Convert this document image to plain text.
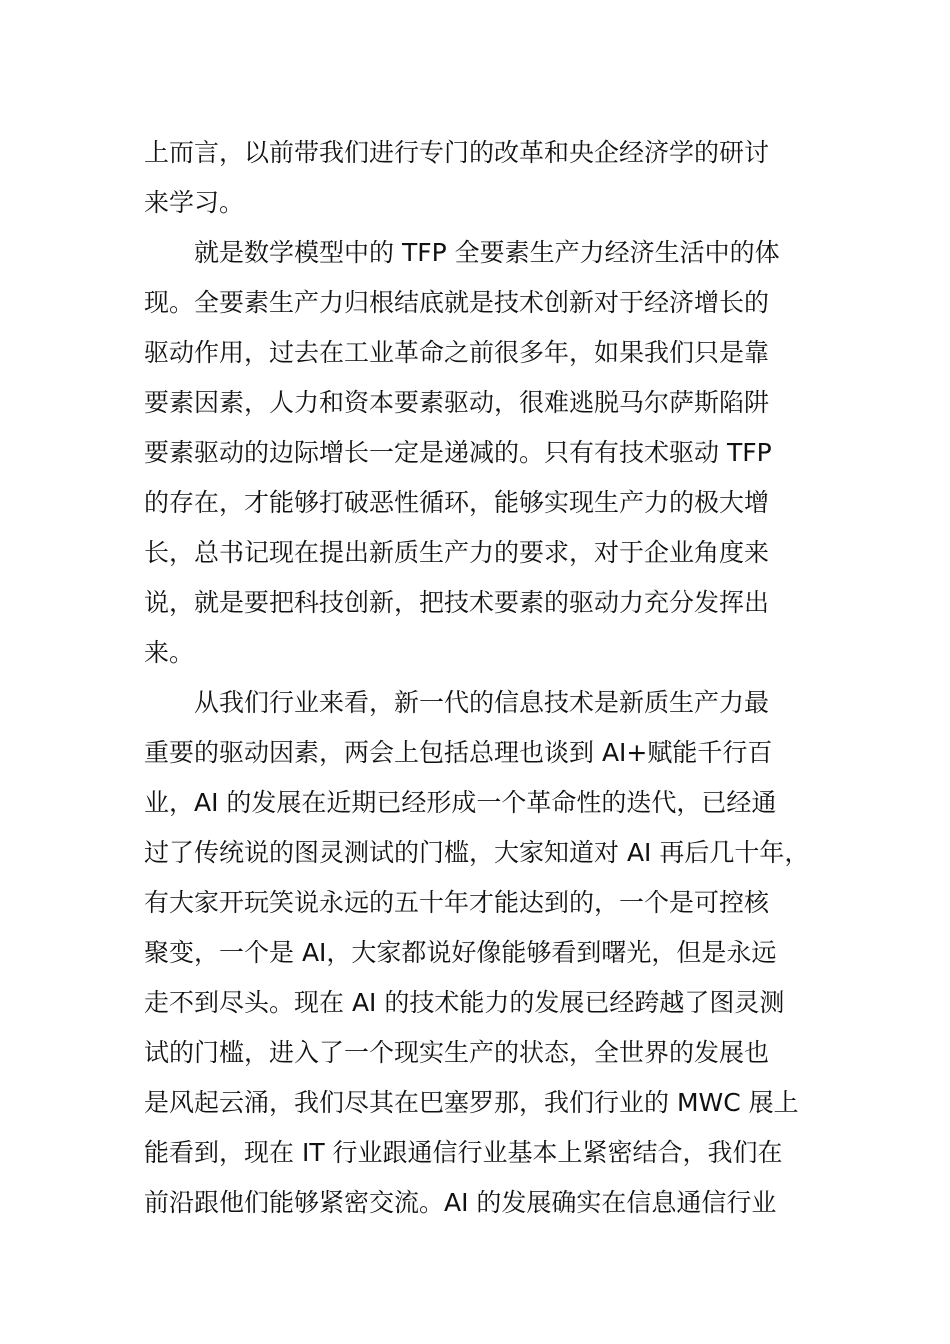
上而言，以前带我们进行专门的改革和央企经济学的研讨
来学习。
就是数学模型中的 TFP 全要素生产力经济生活中的体
现。全要素生产力归根结底就是技术创新对于经济增长的
驱动作用，过去在工业革命之前很多年，如果我们只是靠
要素因素，人力和资本要素驱动，很难逃脱马尔萨斯陷阱
要素驱动的边际增长一定是递减的。只有有技术驱动 TFP
的存在，才能够打破恶性循环，能够实现生产力的极大增
长，总书记现在提出新质生产力的要求，对于企业角度来
说，就是要把科技创新，把技术要素的驱动力充分发挥出
来。
从我们行业来看，新一代的信息技术是新质生产力最
重要的驱动因素，两会上包括总理也谈到 AI+赋能千行百
业，AI 的发展在近期已经形成一个革命性的迭代，已经通
过了传统说的图灵测试的门槛，大家知道对 AI 再后几十年，
有大家开玩笑说永远的五十年才能达到的，一个是可控核
聚变，一个是 AI，大家都说好像能够看到曙光，但是永远
走不到尽头。现在 AI 的技术能力的发展已经跨越了图灵测
试的门槛，进入了一个现实生产的状态，全世界的发展也
是风起云涌，我们尽其在巴塞罗那，我们行业的 MWC 展上
能看到，现在 IT 行业跟通信行业基本上紧密结合，我们在
前沿跟他们能够紧密交流。AI 的发展确实在信息通信行业
